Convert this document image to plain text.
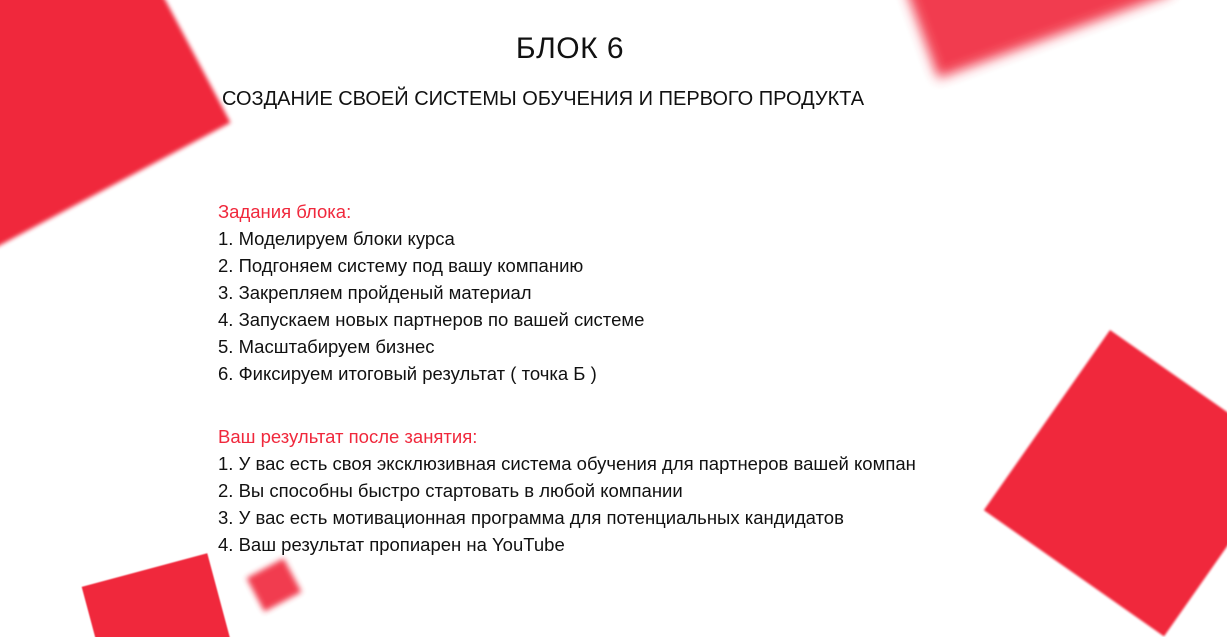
БЛОК 6
СОЗДАНИЕ СВОЕЙ СИСТЕМЫ ОБУЧЕНИЯ И ПЕРВОГО ПРОДУКТА
Задания блока:
1. Моделируем блоки курса
2. Подгоняем систему под вашу компанию
3. Закрепляем пройденый материал
4. Запускаем новых партнеров по вашей системе
5. Масштабируем бизнес
6. Фиксируем итоговый результат ( точка Б )
Ваш результат после занятия:
1. У вас есть своя эксклюзивная система обучения для партнеров вашей компан
2. Вы способны быстро стартовать в любой компании
3. У вас есть мотивационная программа для потенциальных кандидатов
4. Ваш результат пропиарен на YouTube
